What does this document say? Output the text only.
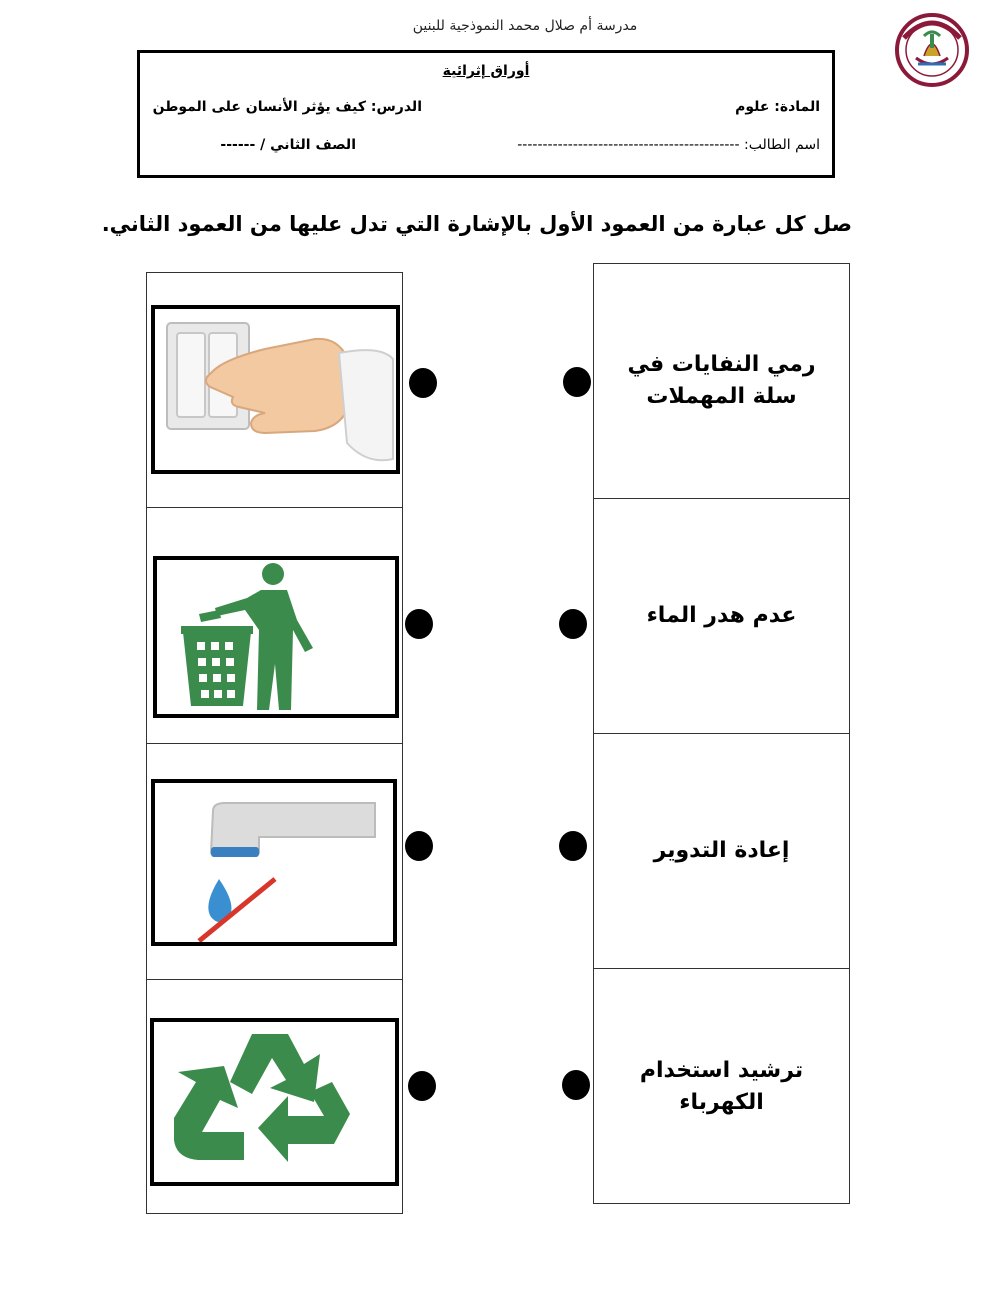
مدرسة أم صلال محمد النموذجية للبنين
أوراق إثرائية
المادة: علوم
الدرس: كيف يؤثر الأنسان على الموطن
اسم الطالب: --------------------------------------------
الصف الثاني / ------
صل كل عبارة من العمود الأول بالإشارة التي تدل عليها من العمود الثاني.
رمي النفايات في سلة المهملات
عدم هدر الماء
إعادة التدوير
ترشيد استخدام الكهرباء
